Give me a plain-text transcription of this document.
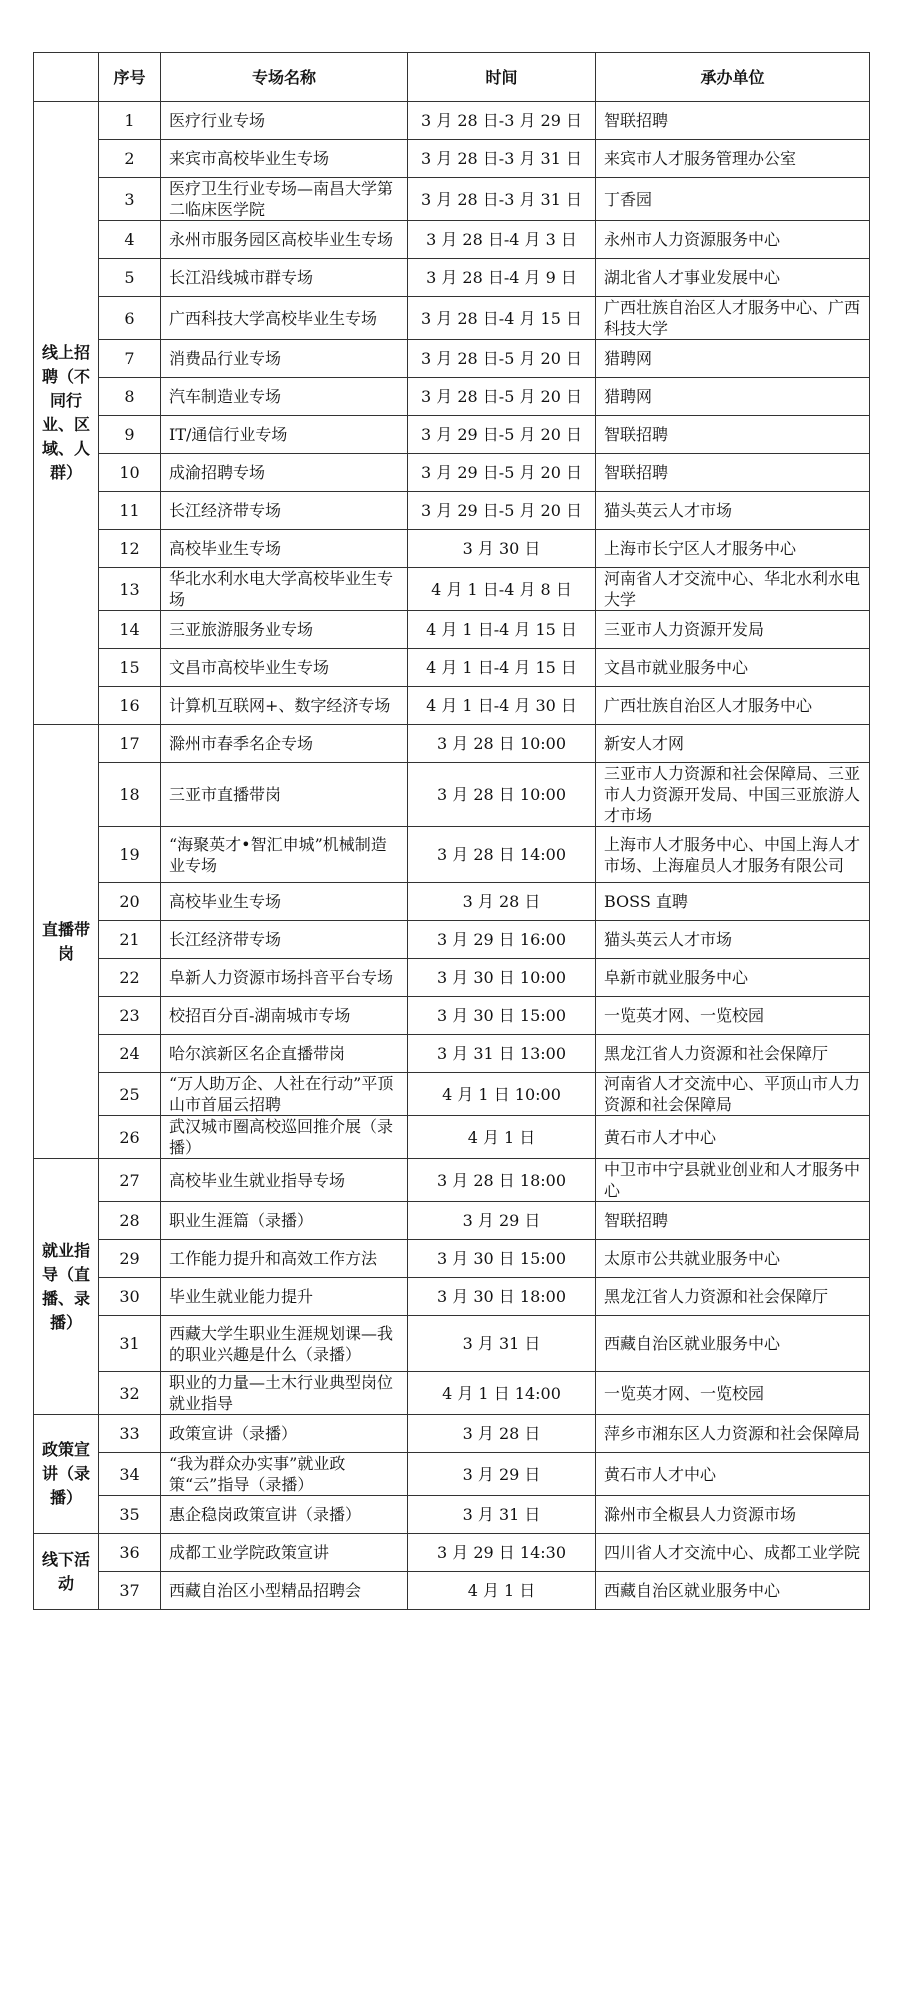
	序号	专场名称	时间	承办单位
线上招聘（不同行业、区域、人群）	1	医疗行业专场	3 月 28 日-3 月 29 日	智联招聘
	2	来宾市高校毕业生专场	3 月 28 日-3 月 31 日	来宾市人才服务管理办公室
	3	医疗卫生行业专场—南昌大学第二临床医学院	3 月 28 日-3 月 31 日	丁香园
	4	永州市服务园区高校毕业生专场	3 月 28 日-4 月 3 日	永州市人力资源服务中心
	5	长江沿线城市群专场	3 月 28 日-4 月 9 日	湖北省人才事业发展中心
	6	广西科技大学高校毕业生专场	3 月 28 日-4 月 15 日	广西壮族自治区人才服务中心、广西科技大学
	7	消费品行业专场	3 月 28 日-5 月 20 日	猎聘网
	8	汽车制造业专场	3 月 28 日-5 月 20 日	猎聘网
	9	IT/通信行业专场	3 月 29 日-5 月 20 日	智联招聘
	10	成渝招聘专场	3 月 29 日-5 月 20 日	智联招聘
	11	长江经济带专场	3 月 29 日-5 月 20 日	猫头英云人才市场
	12	高校毕业生专场	3 月 30 日	上海市长宁区人才服务中心
	13	华北水利水电大学高校毕业生专场	4 月 1 日-4 月 8 日	河南省人才交流中心、华北水利水电大学
	14	三亚旅游服务业专场	4 月 1 日-4 月 15 日	三亚市人力资源开发局
	15	文昌市高校毕业生专场	4 月 1 日-4 月 15 日	文昌市就业服务中心
	16	计算机互联网+、数字经济专场	4 月 1 日-4 月 30 日	广西壮族自治区人才服务中心
直播带岗	17	滁州市春季名企专场	3 月 28 日 10:00	新安人才网
	18	三亚市直播带岗	3 月 28 日 10:00	三亚市人力资源和社会保障局、三亚市人力资源开发局、中国三亚旅游人才市场
	19	“海聚英才•智汇申城”机械制造业专场	3 月 28 日 14:00	上海市人才服务中心、中国上海人才市场、上海雇员人才服务有限公司
	20	高校毕业生专场	3 月 28 日	BOSS 直聘
	21	长江经济带专场	3 月 29 日 16:00	猫头英云人才市场
	22	阜新人力资源市场抖音平台专场	3 月 30 日 10:00	阜新市就业服务中心
	23	校招百分百-湖南城市专场	3 月 30 日 15:00	一览英才网、一览校园
	24	哈尔滨新区名企直播带岗	3 月 31 日 13:00	黑龙江省人力资源和社会保障厅
	25	“万人助万企、人社在行动”平顶山市首届云招聘	4 月 1 日 10:00	河南省人才交流中心、平顶山市人力资源和社会保障局
	26	武汉城市圈高校巡回推介展（录播）	4 月 1 日	黄石市人才中心
就业指导（直播、录播）	27	高校毕业生就业指导专场	3 月 28 日 18:00	中卫市中宁县就业创业和人才服务中心
	28	职业生涯篇（录播）	3 月 29 日	智联招聘
	29	工作能力提升和高效工作方法	3 月 30 日 15:00	太原市公共就业服务中心
	30	毕业生就业能力提升	3 月 30 日 18:00	黑龙江省人力资源和社会保障厅
	31	西藏大学生职业生涯规划课—我的职业兴趣是什么（录播）	3 月 31 日	西藏自治区就业服务中心
	32	职业的力量—土木行业典型岗位就业指导	4 月 1 日 14:00	一览英才网、一览校园
政策宣讲（录播）	33	政策宣讲（录播）	3 月 28 日	萍乡市湘东区人力资源和社会保障局
	34	“我为群众办实事”就业政策“云”指导（录播）	3 月 29 日	黄石市人才中心
	35	惠企稳岗政策宣讲（录播）	3 月 31 日	滁州市全椒县人力资源市场
线下活动	36	成都工业学院政策宣讲	3 月 29 日 14:30	四川省人才交流中心、成都工业学院
	37	西藏自治区小型精品招聘会	4 月 1 日	西藏自治区就业服务中心
